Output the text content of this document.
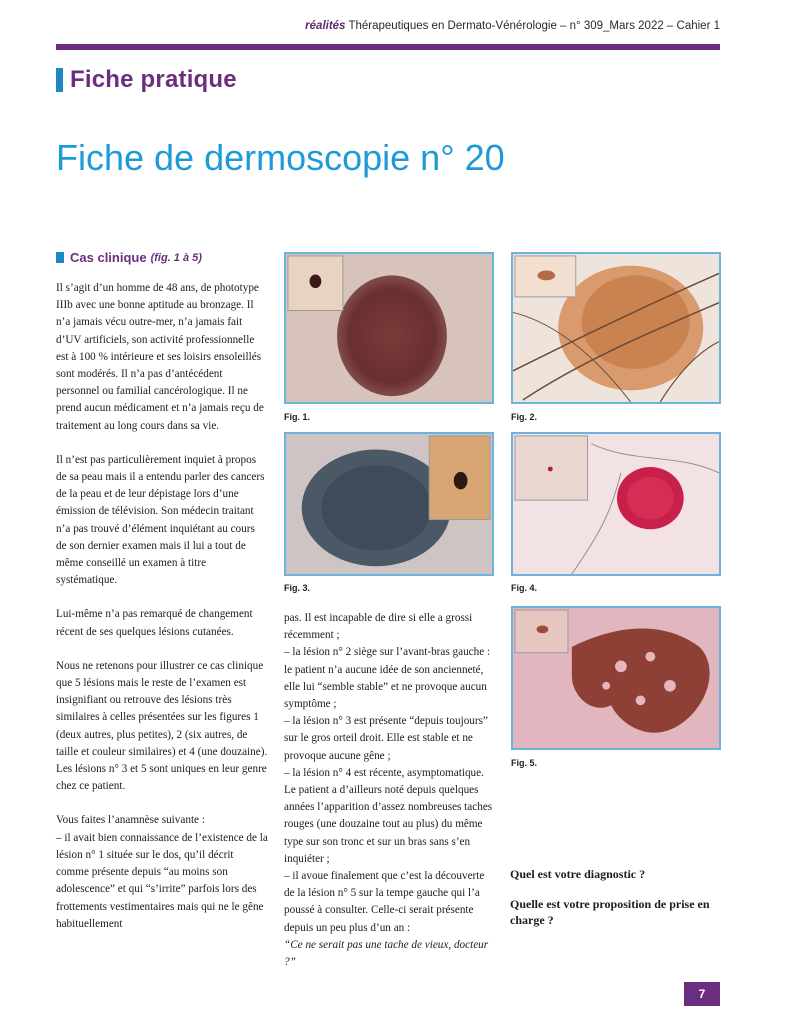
réalités Thérapeutiques en Dermato-Vénérologie – n° 309_Mars 2022 – Cahier 1
Fiche pratique
Fiche de dermoscopie n° 20
Cas clinique (fig. 1 à 5)

Il s’agit d’un homme de 48 ans, de phototype IIIb avec une bonne aptitude au bronzage. Il n’a jamais vécu outre-mer, n’a jamais fait d’UV artificiels, son activité professionnelle est à 100 % intérieure et ses loisirs ensoleillés sont modérés. Il n’a pas d’antécédent personnel ou familial cancérologique. Il ne prend aucun médicament et n’a jamais reçu de traitement au long cours dans sa vie.

Il n’est pas particulièrement inquiet à propos de sa peau mais il a entendu parler des cancers de la peau et de leur dépistage lors d’une émission de télévision. Son médecin traitant n’a pas trouvé d’élément inquiétant au cours de son dernier examen mais il lui a tout de même conseillé un examen à titre systématique.

Lui-même n’a pas remarqué de changement récent de ses quelques lésions cutanées.

Nous ne retenons pour illustrer ce cas clinique que 5 lésions mais le reste de l’examen est insignifiant ou retrouve des lésions très similaires à celles présentées sur les figures 1 (deux autres, plus petites), 2 (six autres, de taille et couleur similaires) et 4 (une douzaine). Les lésions n° 3 et 5 sont uniques en leur genre chez ce patient.

Vous faites l’anamnèse suivante :

– il avait bien connaissance de l’existence de la lésion n° 1 située sur le dos, qu’il décrit comme présente depuis “au moins son adolescence” et qui “s’irrite” parfois lors des frottements vestimentaires mais qui ne le gêne habituellement

pas. Il est incapable de dire si elle a grossi récemment ;

– la lésion n° 2 siège sur l’avant-bras gauche : le patient n’a aucune idée de son ancienneté, elle lui “semble stable” et ne provoque aucun symptôme ;

– la lésion n° 3 est présente “depuis toujours” sur le gros orteil droit. Elle est stable et ne provoque aucune gêne ;

– la lésion n° 4 est récente, asymptomatique. Le patient a d’ailleurs noté depuis quelques années l’apparition d’assez nombreuses taches rouges (une douzaine tout au plus) du même type sur son tronc et sur un bras sans s’en inquiéter ;

– il avoue finalement que c’est la découverte de la lésion n° 5 sur la tempe gauche qui l’a poussé à consulter. Celle-ci serait présente depuis un peu plus d’un an :

“Ce ne serait pas une tache de vieux, docteur ?”

Fig. 1.	Fig. 2.
Fig. 3.	Fig. 4.
Fig. 5.
Quel est votre diagnostic ?
Quelle est votre proposition de prise en charge ?
7
